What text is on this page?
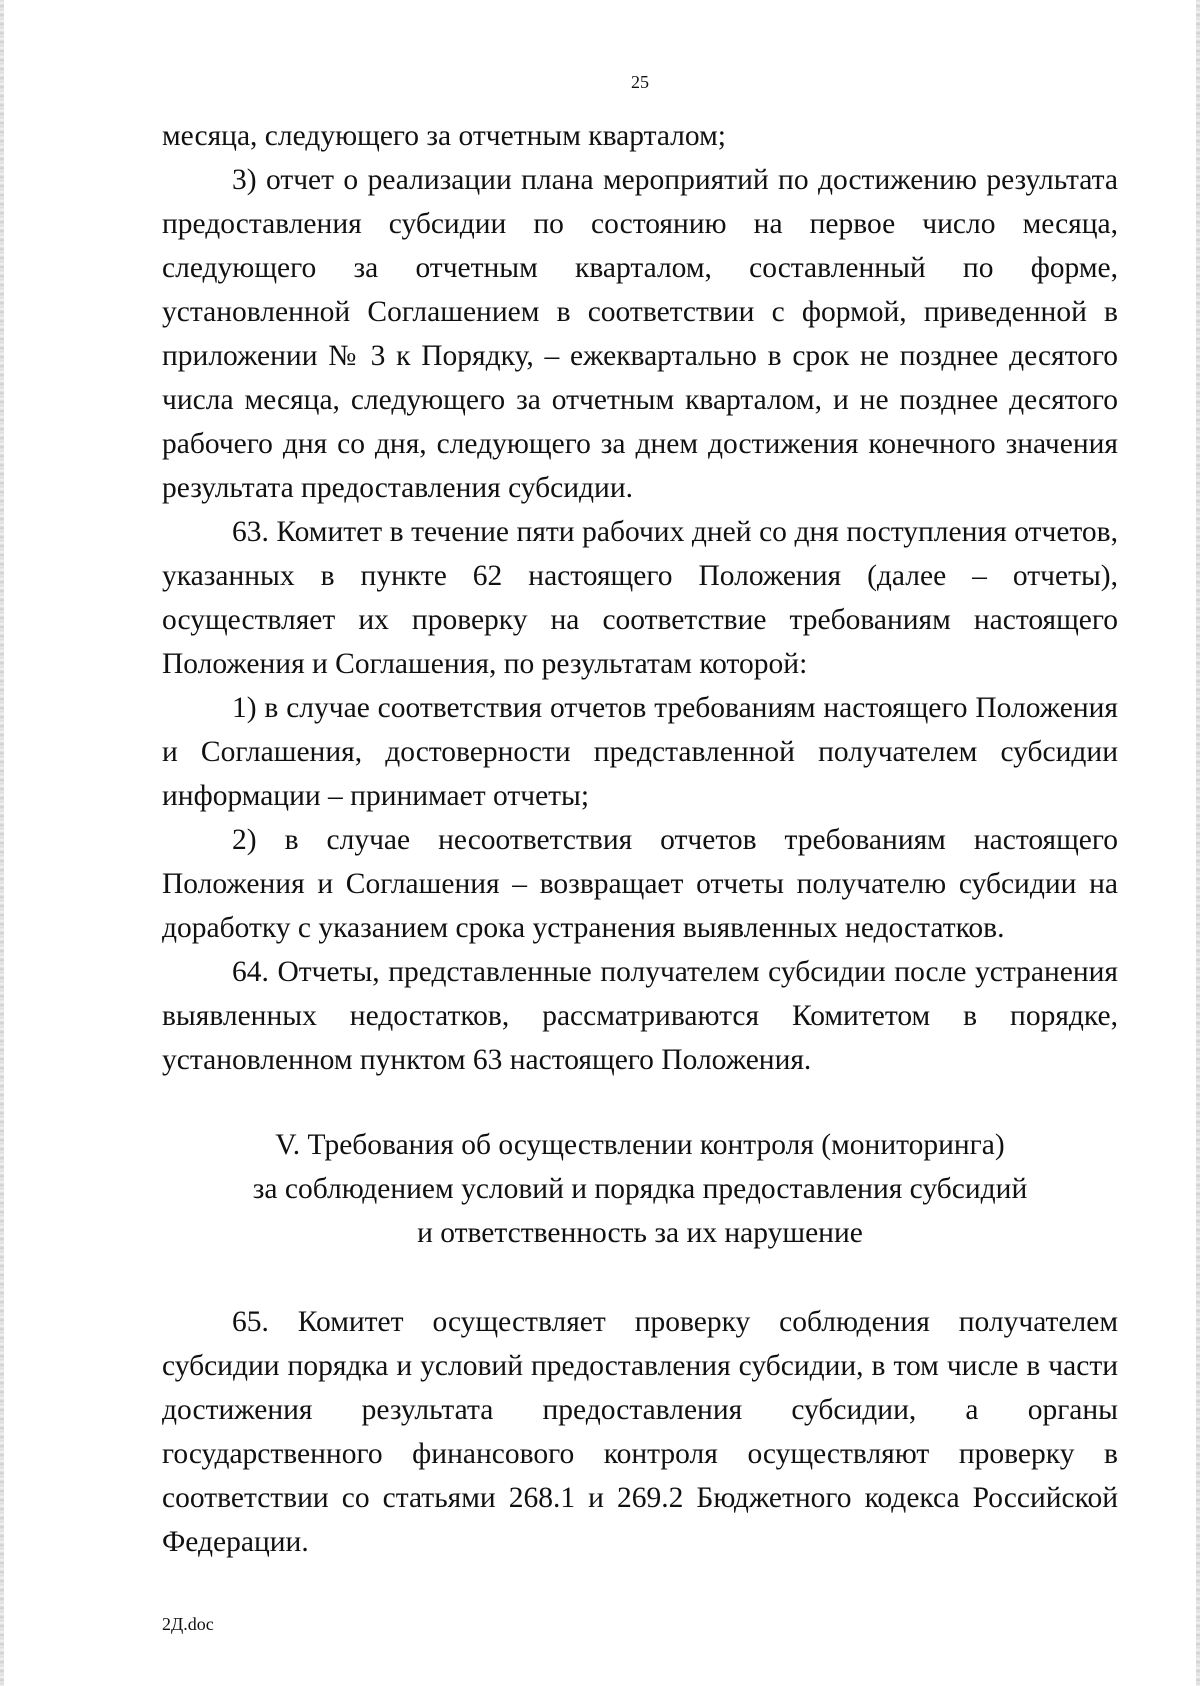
25

месяца, следующего за отчетным кварталом;

3) отчет о реализации плана мероприятий по достижению результата предоставления субсидии по состоянию на первое число месяца, следующего за отчетным кварталом, составленный по форме, установленной Соглашением в соответствии с формой, приведенной в приложении № 3 к Порядку, – ежеквартально в срок не позднее десятого числа месяца, следующего за отчетным кварталом, и не позднее десятого рабочего дня со дня, следующего за днем достижения конечного значения результата предоставления субсидии.

63. Комитет в течение пяти рабочих дней со дня поступления отчетов, указанных в пункте 62 настоящего Положения (далее – отчеты), осуществляет их проверку на соответствие требованиям настоящего Положения и Соглашения, по результатам которой:

1) в случае соответствия отчетов требованиям настоящего Положения и Соглашения, достоверности представленной получателем субсидии информации – принимает отчеты;

2) в случае несоответствия отчетов требованиям настоящего Положения и Соглашения – возвращает отчеты получателю субсидии на доработку с указанием срока устранения выявленных недостатков.

64. Отчеты, представленные получателем субсидии после устранения выявленных недостатков, рассматриваются Комитетом в порядке, установленном пунктом 63 настоящего Положения.

V. Требования об осуществлении контроля (мониторинга)
за соблюдением условий и порядка предоставления субсидий
и ответственность за их нарушение

65. Комитет осуществляет проверку соблюдения получателем субсидии порядка и условий предоставления субсидии, в том числе в части достижения результата предоставления субсидии, а органы государственного финансового контроля осуществляют проверку в соответствии со статьями 268.1 и 269.2 Бюджетного кодекса Российской Федерации.

2Д.doc
